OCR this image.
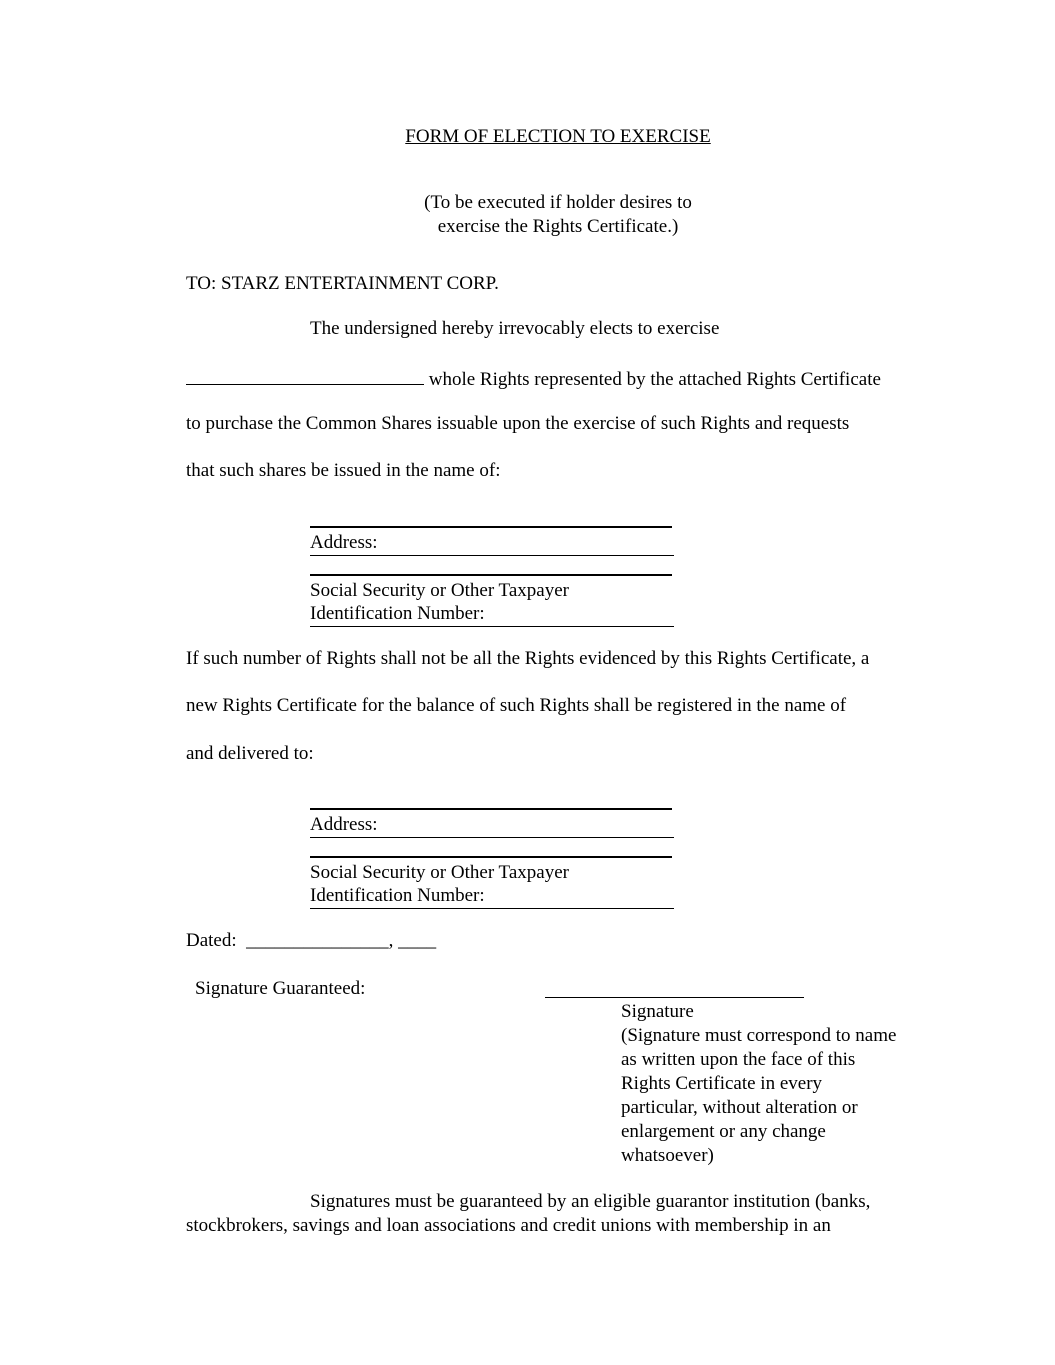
FORM OF ELECTION TO EXERCISE
(To be executed if holder desires to
exercise the Rights Certificate.)
TO: STARZ ENTERTAINMENT CORP.
The undersigned hereby irrevocably elects to exercise
whole Rights represented by the attached Rights Certificate
to purchase the Common Shares issuable upon the exercise of such Rights and requests
that such shares be issued in the name of:
Address:
Social Security or Other Taxpayer
Identification Number:
If such number of Rights shall not be all the Rights evidenced by this Rights Certificate, a
new Rights Certificate for the balance of such Rights shall be registered in the name of
and delivered to:
Address:
Social Security or Other Taxpayer
Identification Number:
Dated: _______________, ____
Signature Guaranteed:
Signature
(Signature must correspond to name
as written upon the face of this
Rights Certificate in every
particular, without alteration or
enlargement or any change
whatsoever)
Signatures must be guaranteed by an eligible guarantor institution (banks,
stockbrokers, savings and loan associations and credit unions with membership in an
